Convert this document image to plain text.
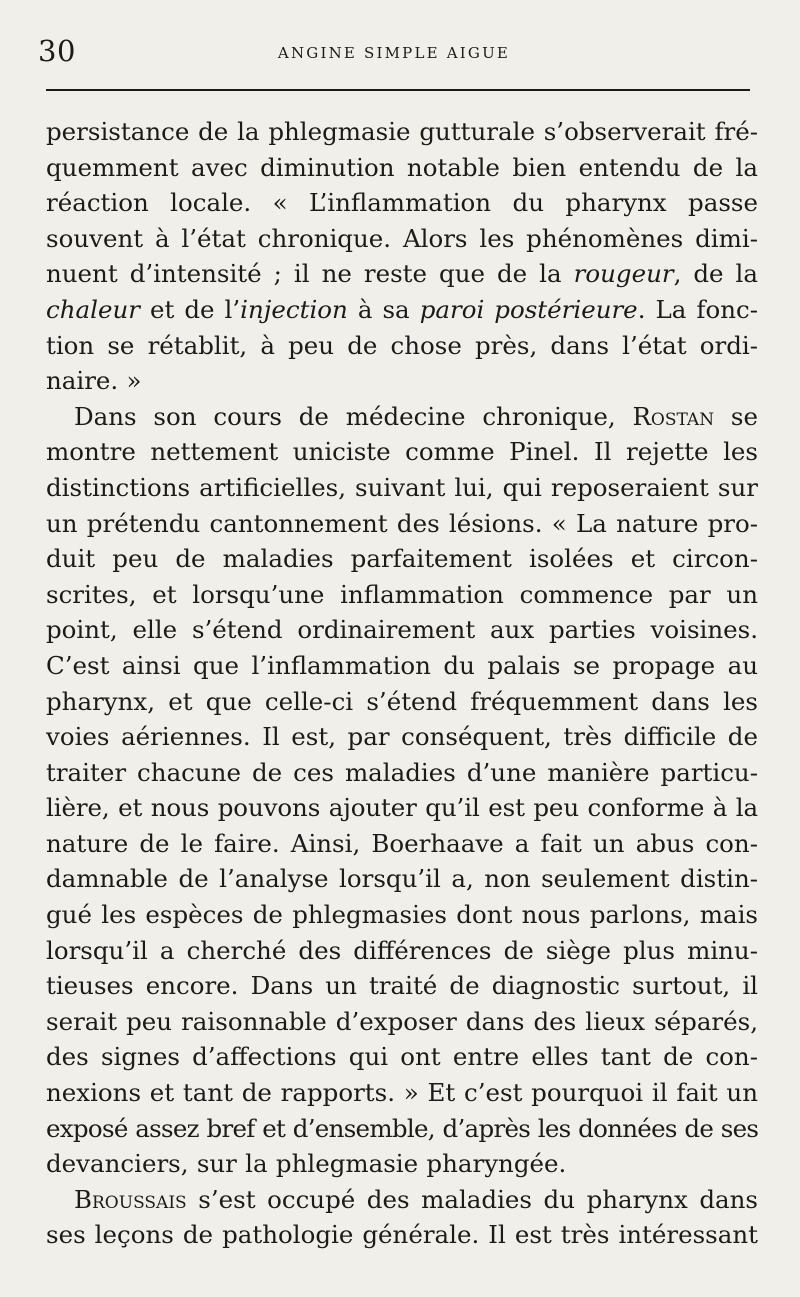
30	ANGINE SIMPLE AIGUE
persistance de la phlegmasie gutturale s’observerait fré-
quemment avec diminution notable bien entendu de la
réaction locale. « L’inflammation du pharynx passe
souvent à l’état chronique. Alors les phénomènes dimi-
nuent d’intensité ; il ne reste que de la rougeur, de la
chaleur et de l’injection à sa paroi postérieure. La fonc-
tion se rétablit, à peu de chose près, dans l’état ordi-
naire. »
Dans son cours de médecine chronique, Rostan se
montre nettement uniciste comme Pinel. Il rejette les
distinctions artificielles, suivant lui, qui reposeraient sur
un prétendu cantonnement des lésions. « La nature pro-
duit peu de maladies parfaitement isolées et circon-
scrites, et lorsqu’une inflammation commence par un
point, elle s’étend ordinairement aux parties voisines.
C’est ainsi que l’inflammation du palais se propage au
pharynx, et que celle-ci s’étend fréquemment dans les
voies aériennes. Il est, par conséquent, très difficile de
traiter chacune de ces maladies d’une manière particu-
lière, et nous pouvons ajouter qu’il est peu conforme à la
nature de le faire. Ainsi, Boerhaave a fait un abus con-
damnable de l’analyse lorsqu’il a, non seulement distin-
gué les espèces de phlegmasies dont nous parlons, mais
lorsqu’il a cherché des différences de siège plus minu-
tieuses encore. Dans un traité de diagnostic surtout, il
serait peu raisonnable d’exposer dans des lieux séparés,
des signes d’affections qui ont entre elles tant de con-
nexions et tant de rapports. » Et c’est pourquoi il fait un
exposé assez bref et d’ensemble, d’après les données de ses
devanciers, sur la phlegmasie pharyngée.
Broussais s’est occupé des maladies du pharynx dans
ses leçons de pathologie générale. Il est très intéressant
